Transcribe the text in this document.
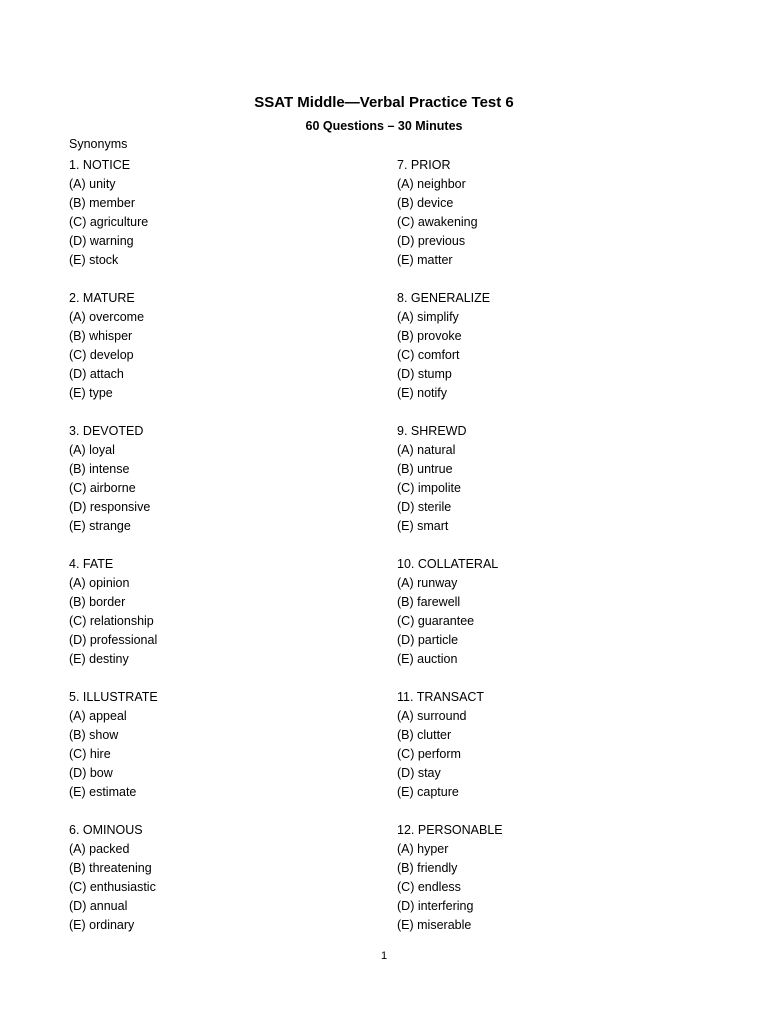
SSAT Middle—Verbal Practice Test 6
60 Questions – 30 Minutes
Synonyms
1. NOTICE
(A) unity
(B) member
(C) agriculture
(D) warning
(E) stock
2. MATURE
(A) overcome
(B) whisper
(C) develop
(D) attach
(E) type
3. DEVOTED
(A) loyal
(B) intense
(C) airborne
(D) responsive
(E) strange
4. FATE
(A) opinion
(B) border
(C) relationship
(D) professional
(E) destiny
5. ILLUSTRATE
(A) appeal
(B) show
(C) hire
(D) bow
(E) estimate
6. OMINOUS
(A) packed
(B) threatening
(C) enthusiastic
(D) annual
(E) ordinary
7. PRIOR
(A) neighbor
(B) device
(C) awakening
(D) previous
(E) matter
8. GENERALIZE
(A) simplify
(B) provoke
(C) comfort
(D) stump
(E) notify
9. SHREWD
(A) natural
(B) untrue
(C) impolite
(D) sterile
(E) smart
10. COLLATERAL
(A) runway
(B) farewell
(C) guarantee
(D) particle
(E) auction
11. TRANSACT
(A) surround
(B) clutter
(C) perform
(D) stay
(E) capture
12. PERSONABLE
(A) hyper
(B) friendly
(C) endless
(D) interfering
(E) miserable
1
